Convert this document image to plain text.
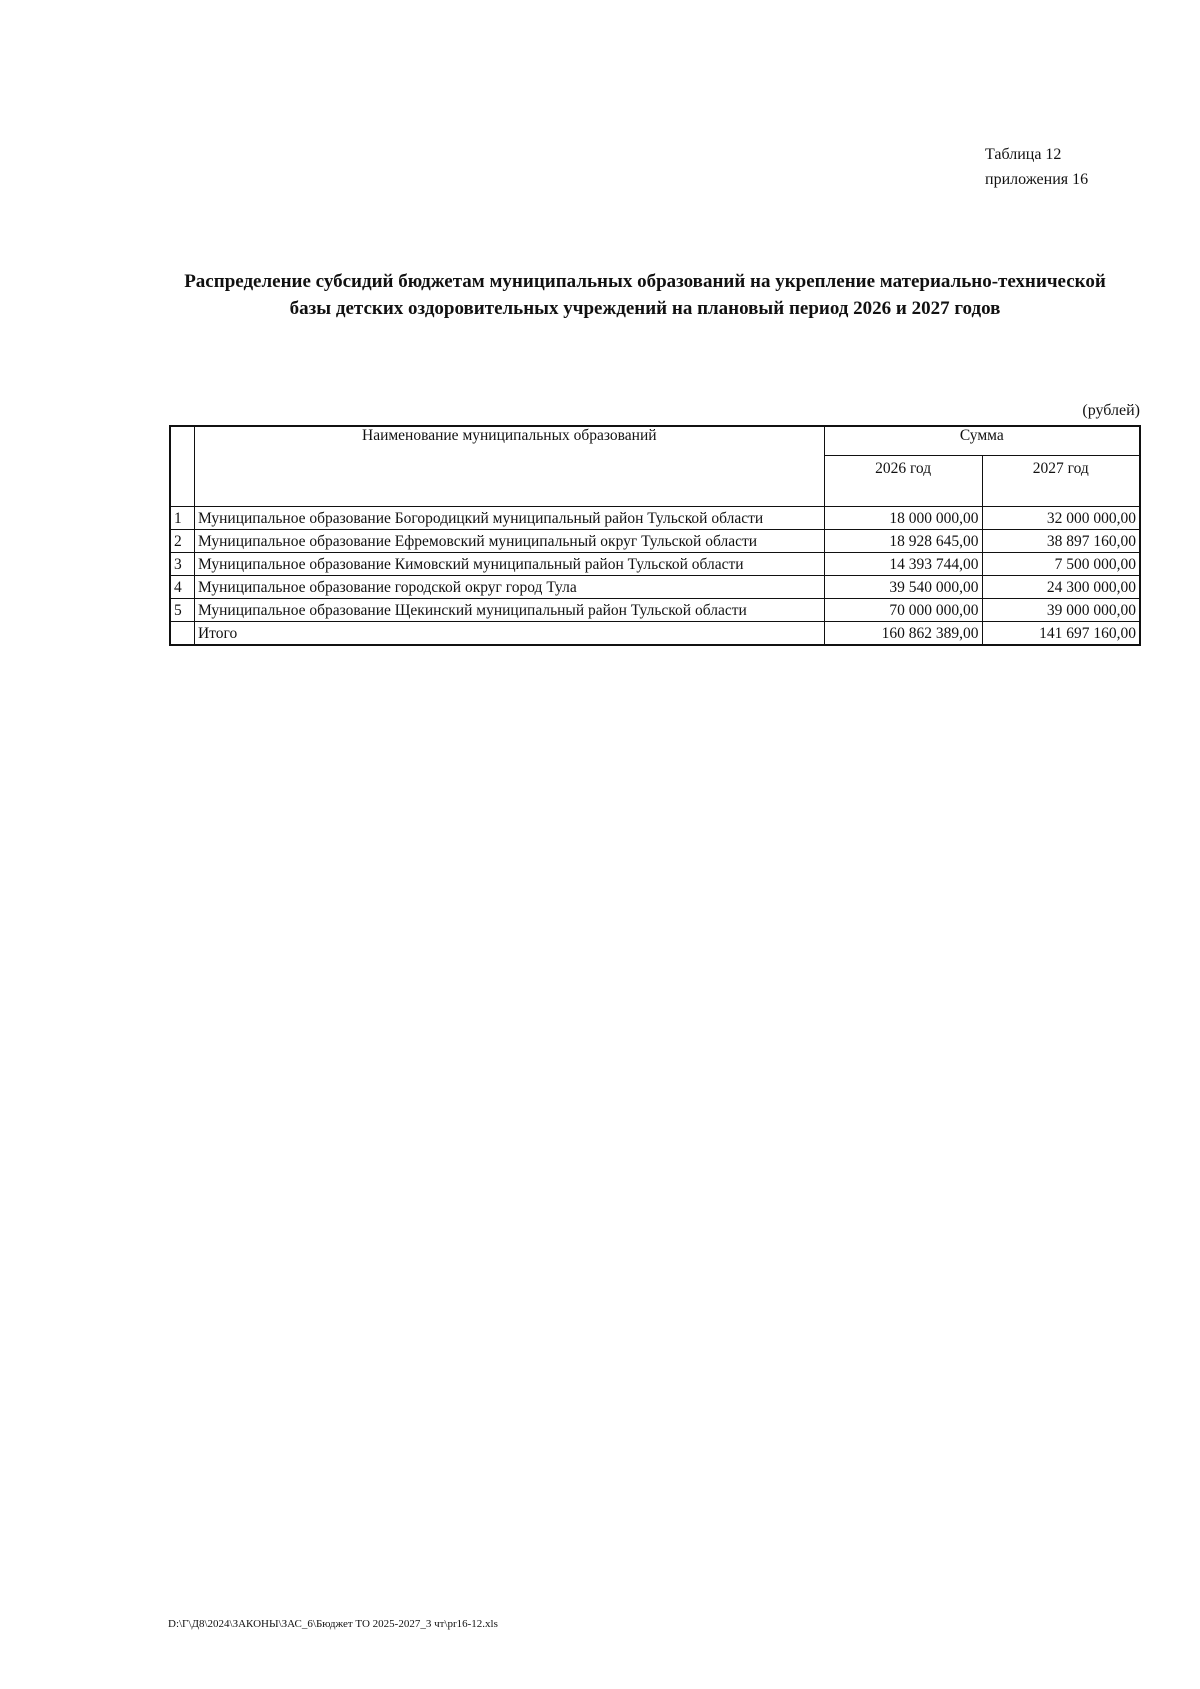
Таблица 12
приложения 16
Распределение субсидий бюджетам муниципальных образований на укрепление материально-технической
базы детских оздоровительных учреждений на плановый период 2026 и 2027 годов
(рублей)
	Наименование муниципальных образований	Сумма	
		2026 год	2027 год
1	Муниципальное образование Богородицкий муниципальный район Тульской области	18 000 000,00	32 000 000,00
2	Муниципальное образование Ефремовский муниципальный округ Тульской области	18 928 645,00	38 897 160,00
3	Муниципальное образование Кимовский муниципальный район Тульской области	14 393 744,00	7 500 000,00
4	Муниципальное образование городской округ город Тула	39 540 000,00	24 300 000,00
5	Муниципальное образование Щекинский муниципальный район Тульской области	70 000 000,00	39 000 000,00
	Итого	160 862 389,00	141 697 160,00
D:\Г\Д8\2024\ЗАКОНЫ\ЗАС_6\Бюджет ТО 2025-2027_3 чт\pr16-12.xls
